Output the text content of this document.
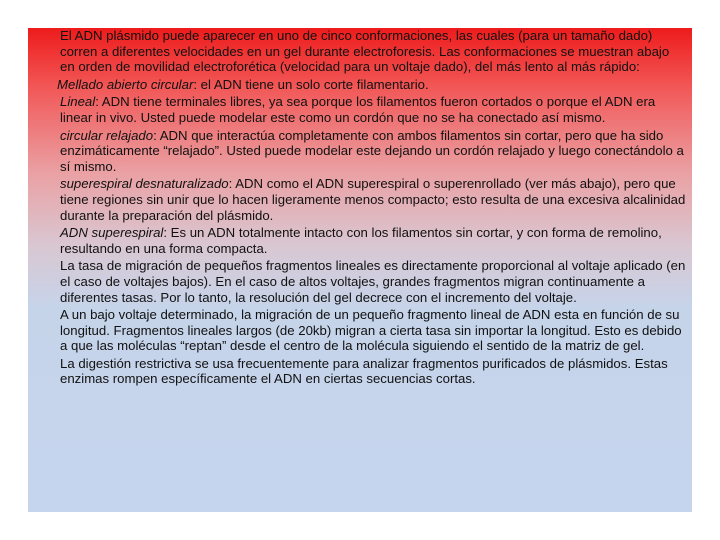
El ADN plásmido puede aparecer en uno de cinco conformaciones, las cuales (para un tamaño dado) corren a diferentes velocidades en un gel durante electroforesis. Las conformaciones se muestran abajo en orden de movilidad electroforética (velocidad para un voltaje dado), del más lento al más rápido:

Mellado abierto circular: el ADN tiene un solo corte filamentario.

Lineal: ADN tiene terminales libres, ya sea porque los filamentos fueron cortados o porque el ADN era linear in vivo. Usted puede modelar este como un cordón que no se ha conectado así mismo.

circular relajado: ADN que interactúa completamente con ambos filamentos sin cortar, pero que ha sido enzimáticamente “relajado”. Usted puede modelar este dejando un cordón relajado y luego conectándolo a sí mismo.

superespiral desnaturalizado: ADN como el ADN superespiral o superenrollado (ver más abajo), pero que tiene regiones sin unir que lo hacen ligeramente menos compacto; esto resulta de una excesiva alcalinidad durante la preparación del plásmido.

ADN superespiral: Es un ADN totalmente intacto con los filamentos sin cortar, y con forma de remolino, resultando en una forma compacta.

La tasa de migración de pequeños fragmentos lineales es directamente proporcional al voltaje aplicado (en el caso de voltajes bajos). En el caso de altos voltajes, grandes fragmentos migran continuamente a diferentes tasas. Por lo tanto, la resolución del gel decrece con el incremento del voltaje.

A un bajo voltaje determinado, la migración de un pequeño fragmento lineal de ADN esta en función de su longitud. Fragmentos lineales largos (de 20kb) migran a cierta tasa sin importar la longitud. Esto es debido a que las moléculas “reptan” desde el centro de la molécula siguiendo el sentido de la matriz de gel.

La digestión restrictiva se usa frecuentemente para analizar fragmentos purificados de plásmidos. Estas enzimas rompen específicamente el ADN en ciertas secuencias cortas.
